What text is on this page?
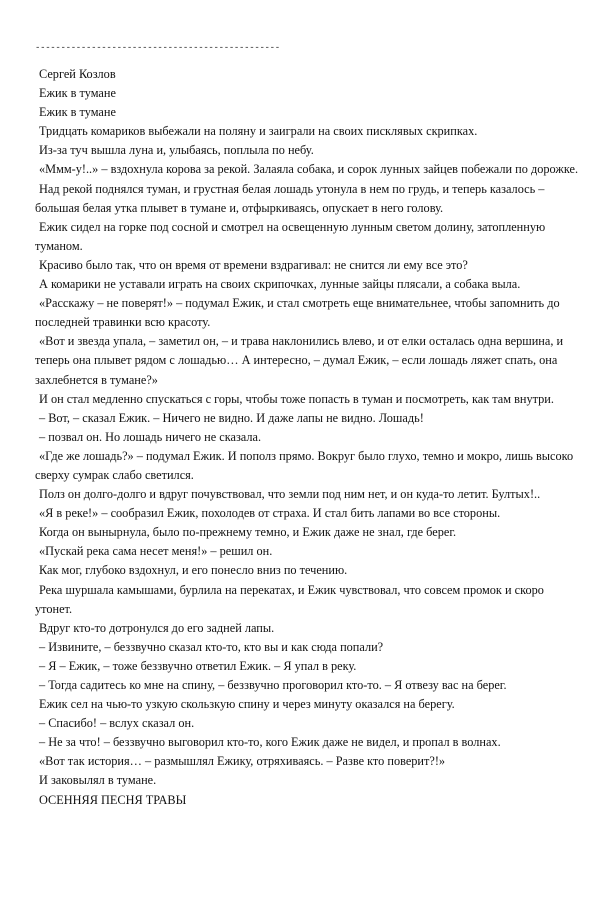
------------------------------------------------

Сергей Козлов

Ежик в тумане

Ежик в тумане

Тридцать комариков выбежали на поляну и заиграли на своих писклявых скрипках.

Из-за туч вышла луна и, улыбаясь, поплыла по небу.

«Ммм-у!..» – вздохнула корова за рекой. Залаяла собака, и сорок лунных зайцев побежали по дорожке.

Над рекой поднялся туман, и грустная белая лошадь утонула в нем по грудь, и теперь казалось – большая белая утка плывет в тумане и, отфыркиваясь, опускает в него голову.

Ежик сидел на горке под сосной и смотрел на освещенную лунным светом долину, затопленную туманом.

Красиво было так, что он время от времени вздрагивал: не снится ли ему все это?

А комарики не уставали играть на своих скрипочках, лунные зайцы плясали, а собака выла.

«Расскажу – не поверят!» – подумал Ежик, и стал смотреть еще внимательнее, чтобы запомнить до последней травинки всю красоту.

«Вот и звезда упала, – заметил он, – и трава наклонились влево, и от елки осталась одна вершина, и теперь она плывет рядом с лошадью… А интересно, – думал Ежик, – если лошадь ляжет спать, она захлебнется в тумане?»

И он стал медленно спускаться с горы, чтобы тоже попасть в туман и посмотреть, как там внутри.

– Вот, – сказал Ежик. – Ничего не видно. И даже лапы не видно. Лошадь!

– позвал он. Но лошадь ничего не сказала.

«Где же лошадь?» – подумал Ежик. И пополз прямо. Вокруг было глухо, темно и мокро, лишь высоко сверху сумрак слабо светился.

Полз он долго-долго и вдруг почувствовал, что земли под ним нет, и он куда-то летит. Бултых!..

«Я в реке!» – сообразил Ежик, похолодев от страха. И стал бить лапами во все стороны.

Когда он вынырнула, было по-прежнему темно, и Ежик даже не знал, где берег.

«Пускай река сама несет меня!» – решил он.

Как мог, глубоко вздохнул, и его понесло вниз по течению.

Река шуршала камышами, бурлила на перекатах, и Ежик чувствовал, что совсем промок и скоро утонет.

Вдруг кто-то дотронулся до его задней лапы.

– Извините, – беззвучно сказал кто-то, кто вы и как сюда попали?

– Я – Ежик, – тоже беззвучно ответил Ежик. – Я упал в реку.

– Тогда садитесь ко мне на спину, – беззвучно проговорил кто-то. – Я отвезу вас на берег.

Ежик сел на чью-то узкую скользкую спину и через минуту оказался на берегу.

– Спасибо! – вслух сказал он.

– Не за что! – беззвучно выговорил кто-то, кого Ежик даже не видел, и пропал в волнах.

«Вот так история… – размышлял Ежику, отряхиваясь. – Разве кто поверит?!»

И заковылял в тумане.

ОСЕННЯЯ ПЕСНЯ ТРАВЫ
